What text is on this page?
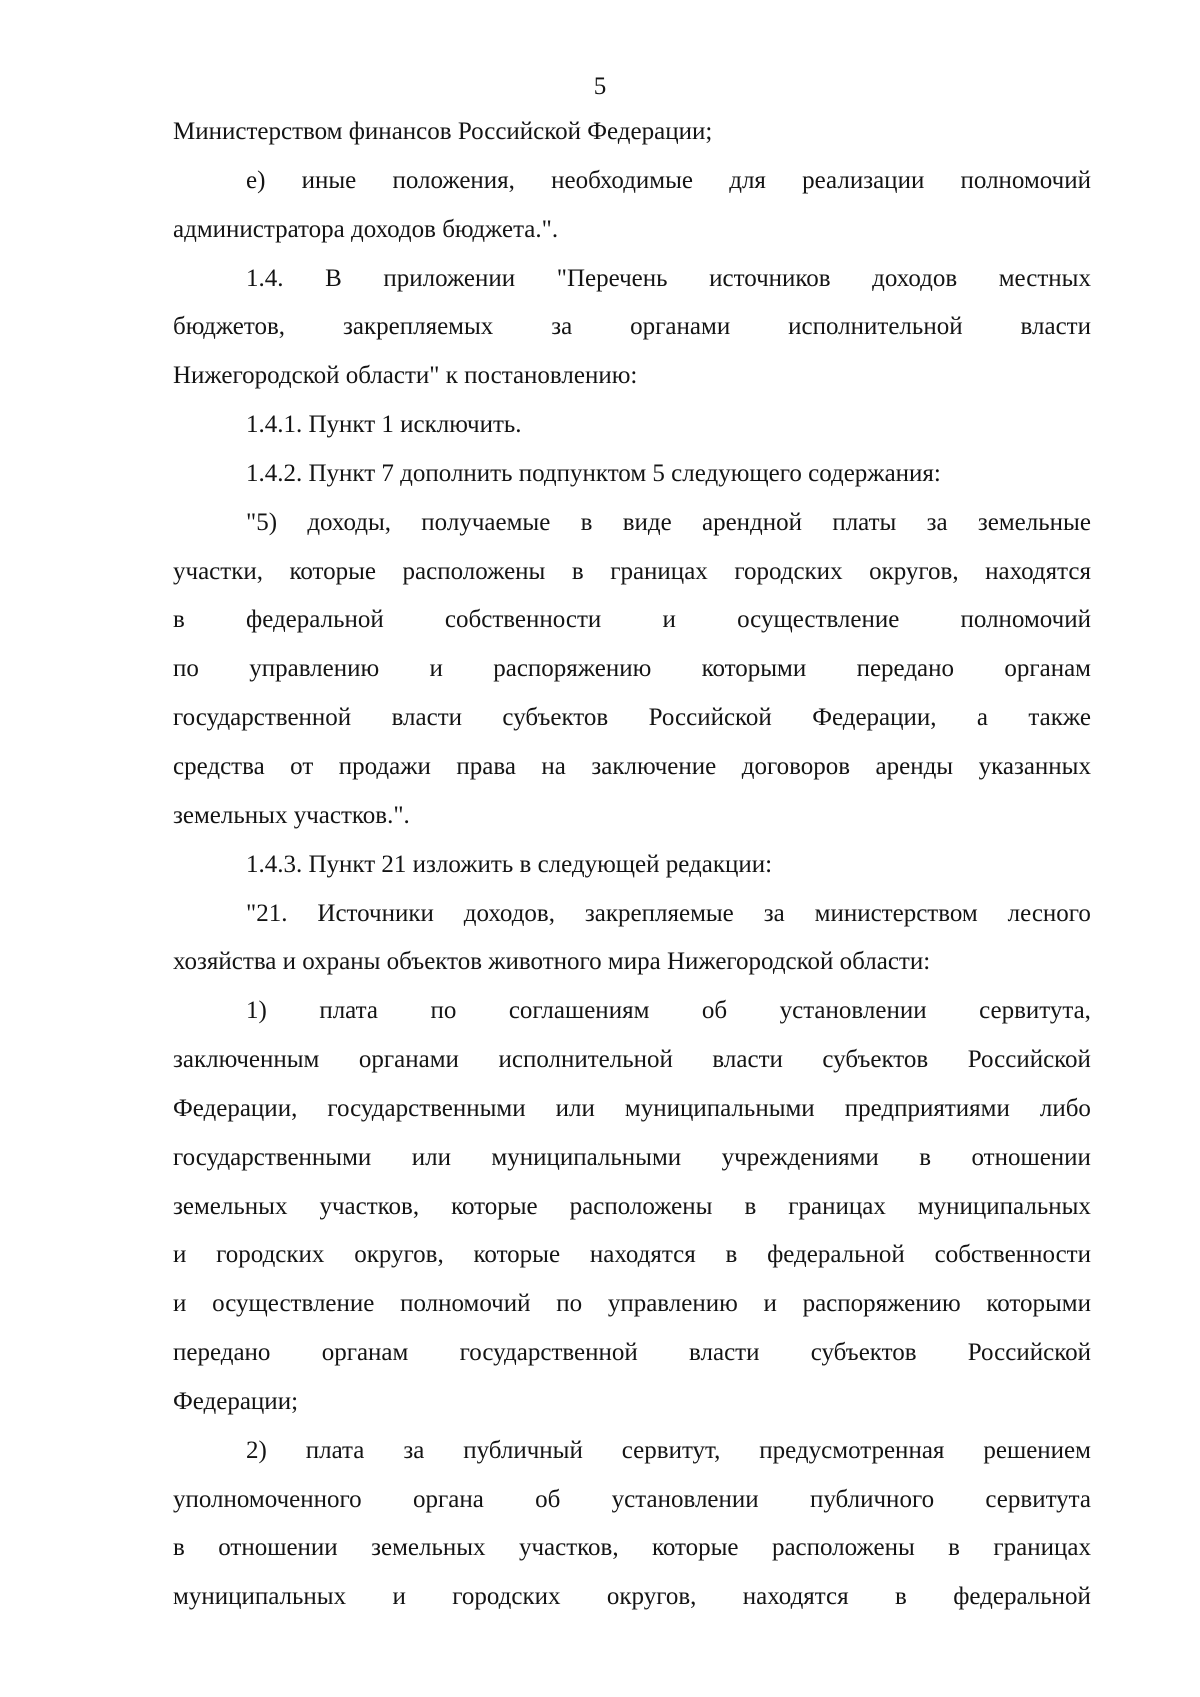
5
Министерством финансов Российской Федерации;
е) иные положения, необходимые для реализации полномочий
администратора доходов бюджета.".
1.4. В приложении "Перечень источников доходов местных
бюджетов, закрепляемых за органами исполнительной власти
Нижегородской области" к постановлению:
1.4.1. Пункт 1 исключить.
1.4.2. Пункт 7 дополнить подпунктом 5 следующего содержания:
"5) доходы, получаемые в виде арендной платы за земельные
участки, которые расположены в границах городских округов, находятся
в федеральной собственности и осуществление полномочий
по управлению и распоряжению которыми передано органам
государственной власти субъектов Российской Федерации, а также
средства от продажи права на заключение договоров аренды указанных
земельных участков.".
1.4.3. Пункт 21 изложить в следующей редакции:
"21. Источники доходов, закрепляемые за министерством лесного
хозяйства и охраны объектов животного мира Нижегородской области:
1) плата по соглашениям об установлении сервитута,
заключенным органами исполнительной власти субъектов Российской
Федерации, государственными или муниципальными предприятиями либо
государственными или муниципальными учреждениями в отношении
земельных участков, которые расположены в границах муниципальных
и городских округов, которые находятся в федеральной собственности
и осуществление полномочий по управлению и распоряжению которыми
передано органам государственной власти субъектов Российской
Федерации;
2) плата за публичный сервитут, предусмотренная решением
уполномоченного органа об установлении публичного сервитута
в отношении земельных участков, которые расположены в границах
муниципальных и городских округов, находятся в федеральной
